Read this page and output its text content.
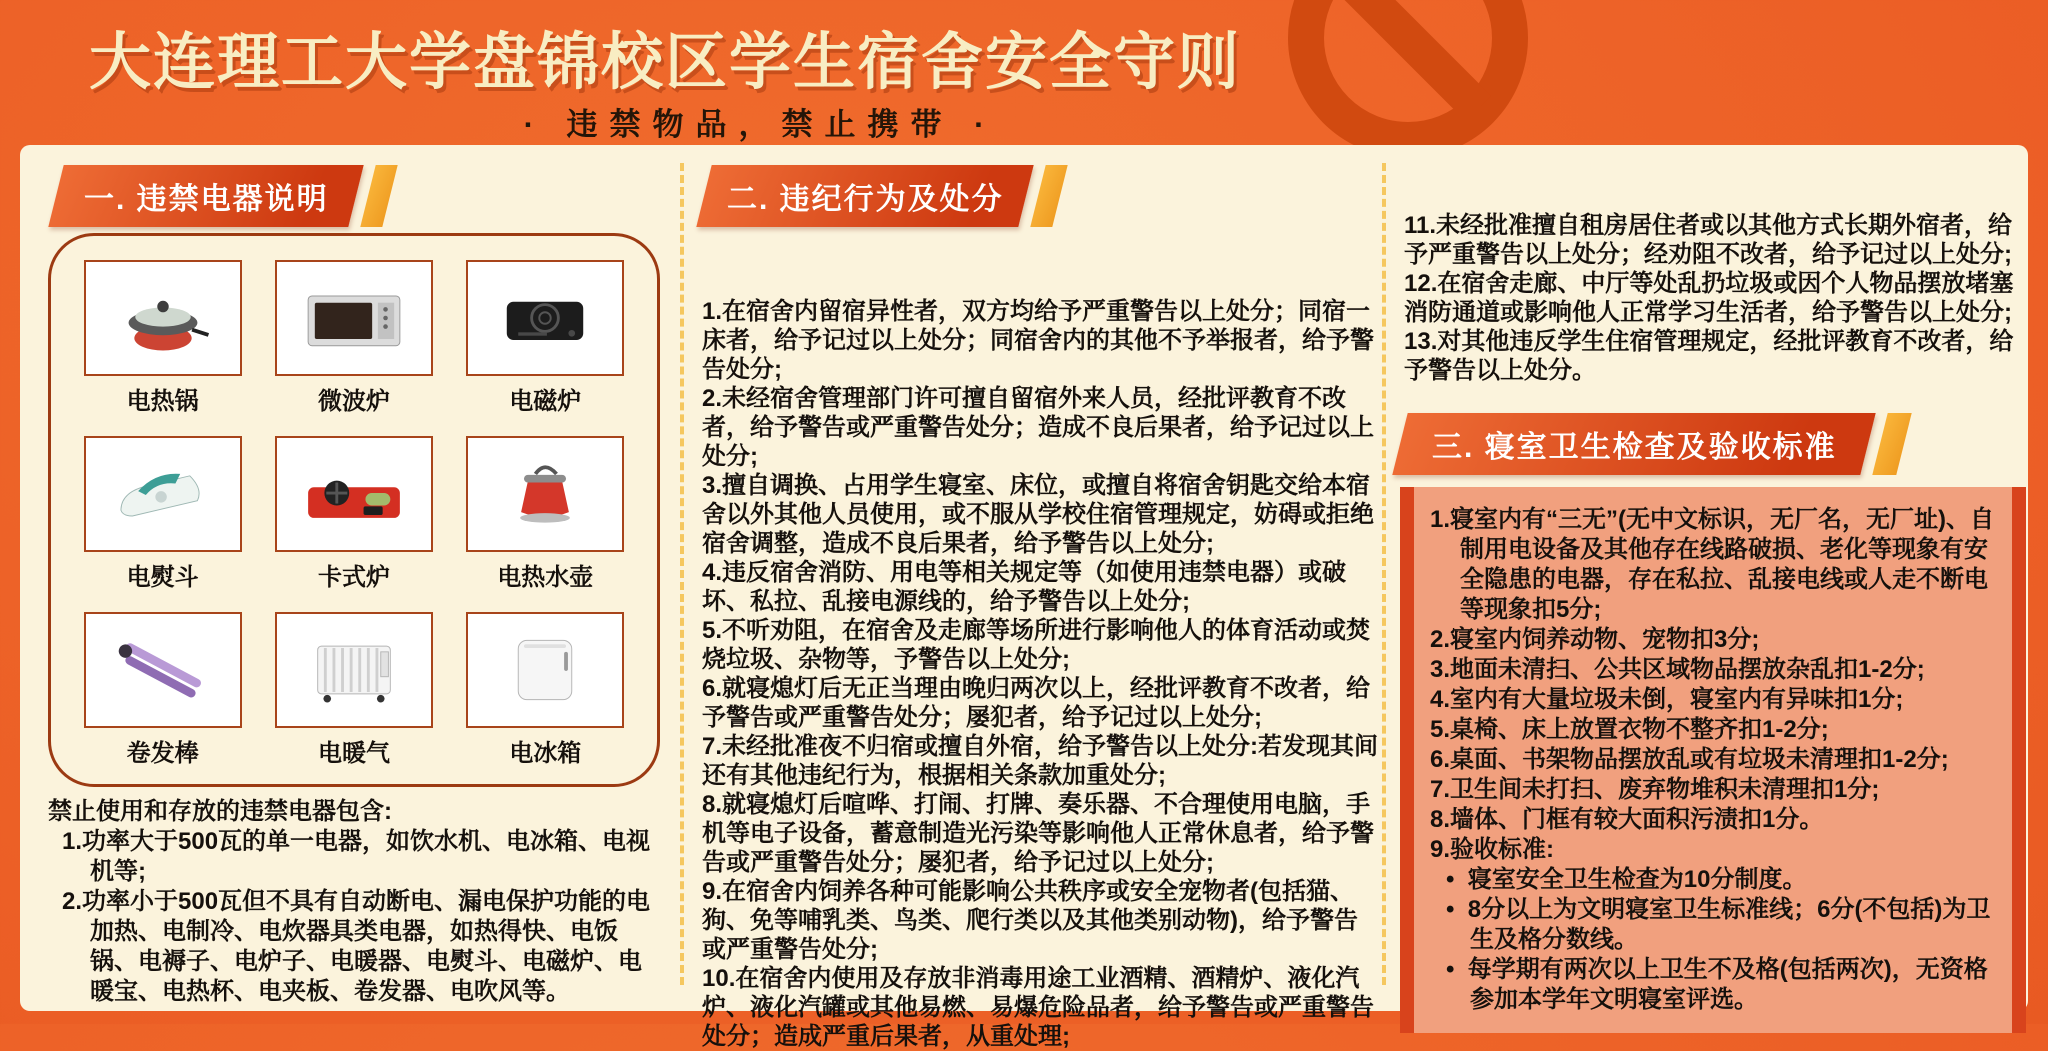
大连理工大学盘锦校区学生宿舍安全守则
· 违禁物品，禁止携带 ·
一. 违禁电器说明
电热锅	微波炉	电磁炉
电熨斗	卡式炉	电热水壶
卷发棒	电暖气	电冰箱

禁止使用和存放的违禁电器包含:

1.功率大于500瓦的单一电器，如饮水机、电冰箱、电视机等;

2.功率小于500瓦但不具有自动断电、漏电保护功能的电加热、电制冷、电炊器具类电器，如热得快、电饭锅、电褥子、电炉子、电暖器、电熨斗、电磁炉、电暖宝、电热杯、电夹板、卷发器、电吹风等。

二. 违纪行为及处分

1.在宿舍内留宿异性者，双方均给予严重警告以上处分；同宿一床者，给予记过以上处分；同宿舍内的其他不予举报者，给予警告处分;

2.未经宿舍管理部门许可擅自留宿外来人员，经批评教育不改者，给予警告或严重警告处分；造成不良后果者，给予记过以上处分;

3.擅自调换、占用学生寝室、床位，或擅自将宿舍钥匙交给本宿舍以外其他人员使用，或不服从学校住宿管理规定，妨碍或拒绝宿舍调整，造成不良后果者，给予警告以上处分;

4.违反宿舍消防、用电等相关规定等（如使用违禁电器）或破坏、私拉、乱接电源线的，给予警告以上处分;

5.不听劝阻，在宿舍及走廊等场所进行影响他人的体育活动或焚烧垃圾、杂物等，予警告以上处分;

6.就寝熄灯后无正当理由晚归两次以上，经批评教育不改者，给予警告或严重警告处分；屡犯者，给予记过以上处分;

7.未经批准夜不归宿或擅自外宿，给予警告以上处分:若发现其间还有其他违纪行为，根据相关条款加重处分;

8.就寝熄灯后喧哗、打闹、打牌、奏乐器、不合理使用电脑，手机等电子设备，蓄意制造光污染等影响他人正常休息者，给予警告或严重警告处分；屡犯者，给予记过以上处分;

9.在宿舍内饲养各种可能影响公共秩序或安全宠物者(包括猫、狗、免等哺乳类、鸟类、爬行类以及其他类别动物)，给予警告或严重警告处分;

10.在宿舍内使用及存放非消毒用途工业酒精、酒精炉、液化汽炉、液化汽罐或其他易燃、易爆危险品者，给予警告或严重警告处分；造成严重后果者，从重处理;

11.未经批准擅自租房居住者或以其他方式长期外宿者，给予严重警告以上处分；经劝阻不改者，给予记过以上处分;

12.在宿舍走廊、中厅等处乱扔垃圾或因个人物品摆放堵塞消防通道或影响他人正常学习生活者，给予警告以上处分;

13.对其他违反学生住宿管理规定，经批评教育不改者，给予警告以上处分。

三. 寝室卫生检查及验收标准

1.寝室内有“三无”(无中文标识，无厂名，无厂址)、自制用电设备及其他存在线路破损、老化等现象有安全隐患的电器，存在私拉、乱接电线或人走不断电等现象扣5分;

2.寝室内饲养动物、宠物扣3分;

3.地面未清扫、公共区域物品摆放杂乱扣1-2分;

4.室内有大量垃圾未倒，寝室内有异味扣1分;

5.桌椅、床上放置衣物不整齐扣1-2分;

6.桌面、书架物品摆放乱或有垃圾未清理扣1-2分;

7.卫生间未打扫、废弃物堆积未清理扣1分;

8.墙体、门框有较大面积污渍扣1分。

9.验收标准:

•  寝室安全卫生检查为10分制度。

•  8分以上为文明寝室卫生标准线；6分(不包括)为卫生及格分数线。

•  每学期有两次以上卫生不及格(包括两次)，无资格参加本学年文明寝室评选。
